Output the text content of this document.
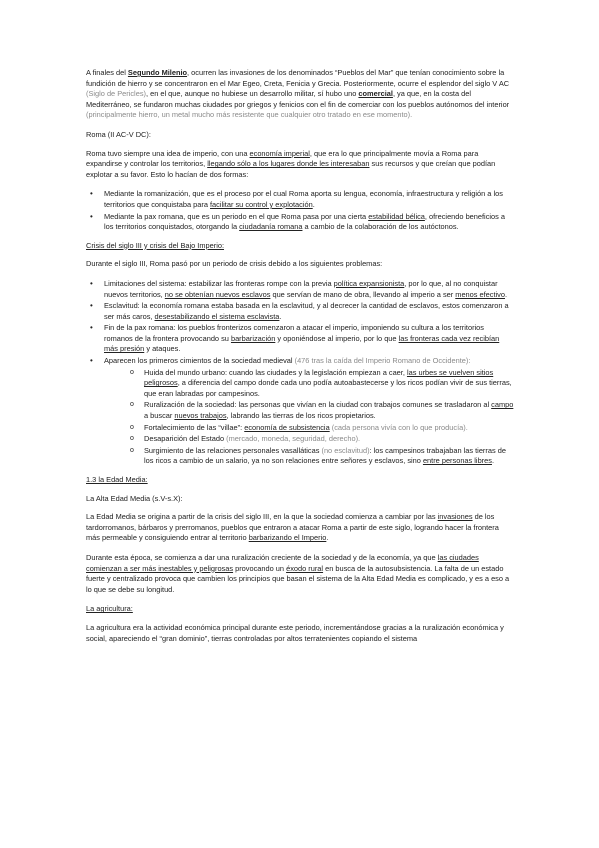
A finales del Segundo Milenio, ocurren las invasiones de los denominados “Pueblos del Mar” que tenían conocimiento sobre la fundición de hierro y se concentraron en el Mar Egeo, Creta, Fenicia y Grecia. Posteriormente, ocurre el esplendor del siglo V AC (Siglo de Pericles), en el que, aunque no hubiese un desarrollo militar, sí hubo uno comercial, ya que, en la costa del Mediterráneo, se fundaron muchas ciudades por griegos y fenicios con el fin de comerciar con los pueblos autónomos del interior (principalmente hierro, un metal mucho más resistente que cualquier otro tratado en ese momento).

Roma (II AC-V DC):

Roma tuvo siempre una idea de imperio, con una economía imperial, que era lo que principalmente movía a Roma para expandirse y controlar los territorios, llegando sólo a los lugares donde les interesaban sus recursos y que creían que podían explotar a su favor. Esto lo hacían de dos formas:

• Mediante la romanización, que es el proceso por el cual Roma aporta su lengua, economía, infraestructura y religión a los territorios que conquistaba para facilitar su control y explotación.
• Mediante la pax romana, que es un periodo en el que Roma pasa por una cierta estabilidad bélica, ofreciendo beneficios a los territorios conquistados, otorgando la ciudadanía romana a cambio de la colaboración de los autóctonos.

Crisis del siglo III y crisis del Bajo Imperio:

Durante el siglo III, Roma pasó por un periodo de crisis debido a los siguientes problemas:

• Limitaciones del sistema: estabilizar las fronteras rompe con la previa política expansionista, por lo que, al no conquistar nuevos territorios, no se obtenían nuevos esclavos que servían de mano de obra, llevando al imperio a ser menos efectivo.
• Esclavitud: la economía romana estaba basada en la esclavitud, y al decrecer la cantidad de esclavos, estos comenzaron a ser más caros, desestabilizando el sistema esclavista.
• Fin de la pax romana: los pueblos fronterizos comenzaron a atacar el imperio, imponiendo su cultura a los territorios romanos de la frontera provocando su barbarización y oponiéndose al imperio, por lo que las fronteras cada vez recibían más presión y ataques.
• Aparecen los primeros cimientos de la sociedad medieval (476 tras la caída del Imperio Romano de Occidente):
o Huida del mundo urbano: cuando las ciudades y la legislación empiezan a caer, las urbes se vuelven sitios peligrosos, a diferencia del campo donde cada uno podía autoabastecerse y los ricos podían vivir de sus tierras, que eran labradas por campesinos.
o Ruralización de la sociedad: las personas que vivían en la ciudad con trabajos comunes se trasladaron al campo a buscar nuevos trabajos, labrando las tierras de los ricos propietarios.
o Fortalecimiento de las “villae”: economía de subsistencia (cada persona vivía con lo que producía).
o Desaparición del Estado (mercado, moneda, seguridad, derecho).
o Surgimiento de las relaciones personales vasalláticas (no esclavitud): los campesinos trabajaban las tierras de los ricos a cambio de un salario, ya no son relaciones entre señores y esclavos, sino entre personas libres.

1.3 la Edad Media:

La Alta Edad Media (s.V-s.X):

La Edad Media se origina a partir de la crisis del siglo III, en la que la sociedad comienza a cambiar por las invasiones de los tardorromanos, bárbaros y prerromanos, pueblos que entraron a atacar Roma a partir de este siglo, logrando hacer la frontera más permeable y consiguiendo entrar al territorio barbarizando el Imperio.

Durante esta época, se comienza a dar una ruralización creciente de la sociedad y de la economía, ya que las ciudades comienzan a ser más inestables y peligrosas provocando un éxodo rural en busca de la autosubsistencia. La falta de un estado fuerte y centralizado provoca que cambien los principios que basan el sistema de la Alta Edad Media es complicado, y es a eso a lo que se debe su longitud.

La agricultura:

La agricultura era la actividad económica principal durante este periodo, incrementándose gracias a la ruralización económica y social, apareciendo el “gran dominio”, tierras controladas por altos terratenientes copiando el sistema
